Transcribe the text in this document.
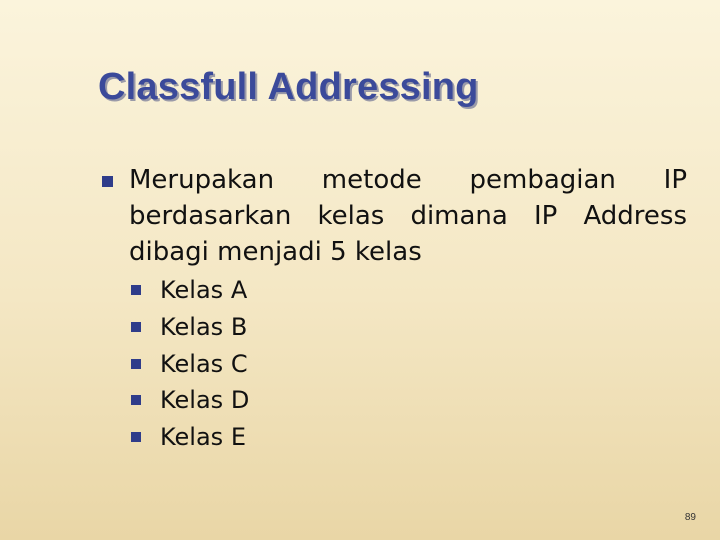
Classfull Addressing
Merupakan metode pembagian IP berdasarkan kelas dimana IP Address dibagi menjadi 5 kelas
Kelas A
Kelas B
Kelas C
Kelas D
Kelas E
89
